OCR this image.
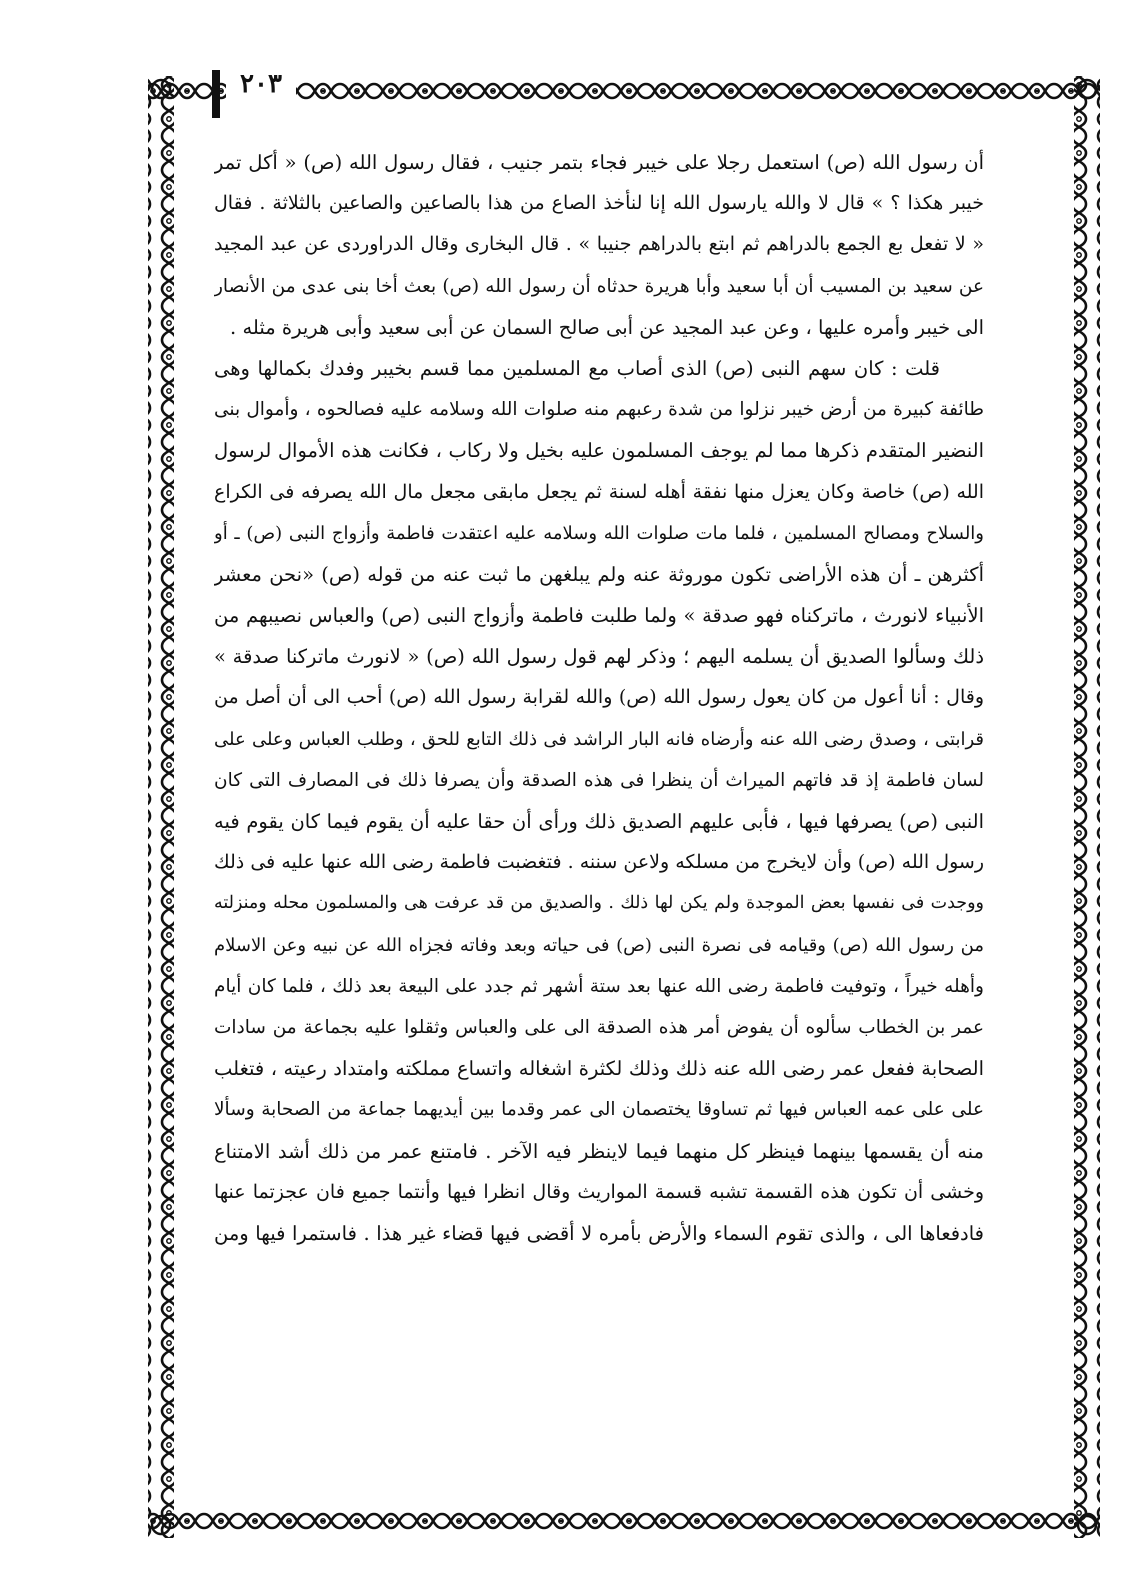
٢٠٣
أن رسول الله (ص) استعمل رجلا على خيبر فجاء بتمر جنيب ، فقال رسول الله (ص) « أكل تمر
خيبر هكذا ؟ » قال لا والله يارسول الله إنا لنأخذ الصاع من هذا بالصاعين والصاعين بالثلاثة . فقال
« لا تفعل بع الجمع بالدراهم ثم ابتع بالدراهم جنيبا » . قال البخارى وقال الدراوردى عن عبد المجيد
عن سعيد بن المسيب أن أبا سعيد وأبا هريرة حدثاه أن رسول الله (ص) بعث أخا بنى عدى من الأنصار
الى خيبر وأمره عليها ، وعن عبد المجيد عن أبى صالح السمان عن أبى سعيد وأبى هريرة مثله .
قلت : كان سهم النبى (ص) الذى أصاب مع المسلمين مما قسم بخيبر وفدك بكمالها وهى
طائفة كبيرة من أرض خيبر نزلوا من شدة رعبهم منه صلوات الله وسلامه عليه فصالحوه ، وأموال بنى
النضير المتقدم ذكرها مما لم يوجف المسلمون عليه بخيل ولا ركاب ، فكانت هذه الأموال لرسول
الله (ص) خاصة وكان يعزل منها نفقة أهله لسنة ثم يجعل مابقى مجعل مال الله يصرفه فى الكراع
والسلاح ومصالح المسلمين ، فلما مات صلوات الله وسلامه عليه اعتقدت فاطمة وأزواج النبى (ص) ـ أو
أكثرهن ـ أن هذه الأراضى تكون موروثة عنه ولم يبلغهن ما ثبت عنه من قوله (ص) «نحن معشر
الأنبياء لانورث ، ماتركناه فهو صدقة » ولما طلبت فاطمة وأزواج النبى (ص) والعباس نصيبهم من
ذلك وسألوا الصديق أن يسلمه اليهم ؛ وذكر لهم قول رسول الله (ص) « لانورث ماتركنا صدقة »
وقال : أنا أعول من كان يعول رسول الله (ص) والله لقرابة رسول الله (ص) أحب الى أن أصل من
قرابتى ، وصدق رضى الله عنه وأرضاه فانه البار الراشد فى ذلك التابع للحق ، وطلب العباس وعلى على
لسان فاطمة إذ قد فاتهم الميراث أن ينظرا فى هذه الصدقة وأن يصرفا ذلك فى المصارف التى كان
النبى (ص) يصرفها فيها ، فأبى عليهم الصديق ذلك ورأى أن حقا عليه أن يقوم فيما كان يقوم فيه
رسول الله (ص) وأن لايخرج من مسلكه ولاعن سننه . فتغضبت فاطمة رضى الله عنها عليه فى ذلك
ووجدت فى نفسها بعض الموجدة ولم يكن لها ذلك . والصديق من قد عرفت هى والمسلمون محله ومنزلته
من رسول الله (ص) وقيامه فى نصرة النبى (ص) فى حياته وبعد وفاته فجزاه الله عن نبيه وعن الاسلام
وأهله خيراً ، وتوفيت فاطمة رضى الله عنها بعد ستة أشهر ثم جدد على البيعة بعد ذلك ، فلما كان أيام
عمر بن الخطاب سألوه أن يفوض أمر هذه الصدقة الى على والعباس وثقلوا عليه بجماعة من سادات
الصحابة ففعل عمر رضى الله عنه ذلك وذلك لكثرة اشغاله واتساع مملكته وامتداد رعيته ، فتغلب
على على عمه العباس فيها ثم تساوقا يختصمان الى عمر وقدما بين أيديهما جماعة من الصحابة وسألا
منه أن يقسمها بينهما فينظر كل منهما فيما لاينظر فيه الآخر . فامتنع عمر من ذلك أشد الامتناع
وخشى أن تكون هذه القسمة تشبه قسمة المواريث وقال انظرا فيها وأنتما جميع فان عجزتما عنها
فادفعاها الى ، والذى تقوم السماء والأرض بأمره لا أقضى فيها قضاء غير هذا . فاستمرا فيها ومن
